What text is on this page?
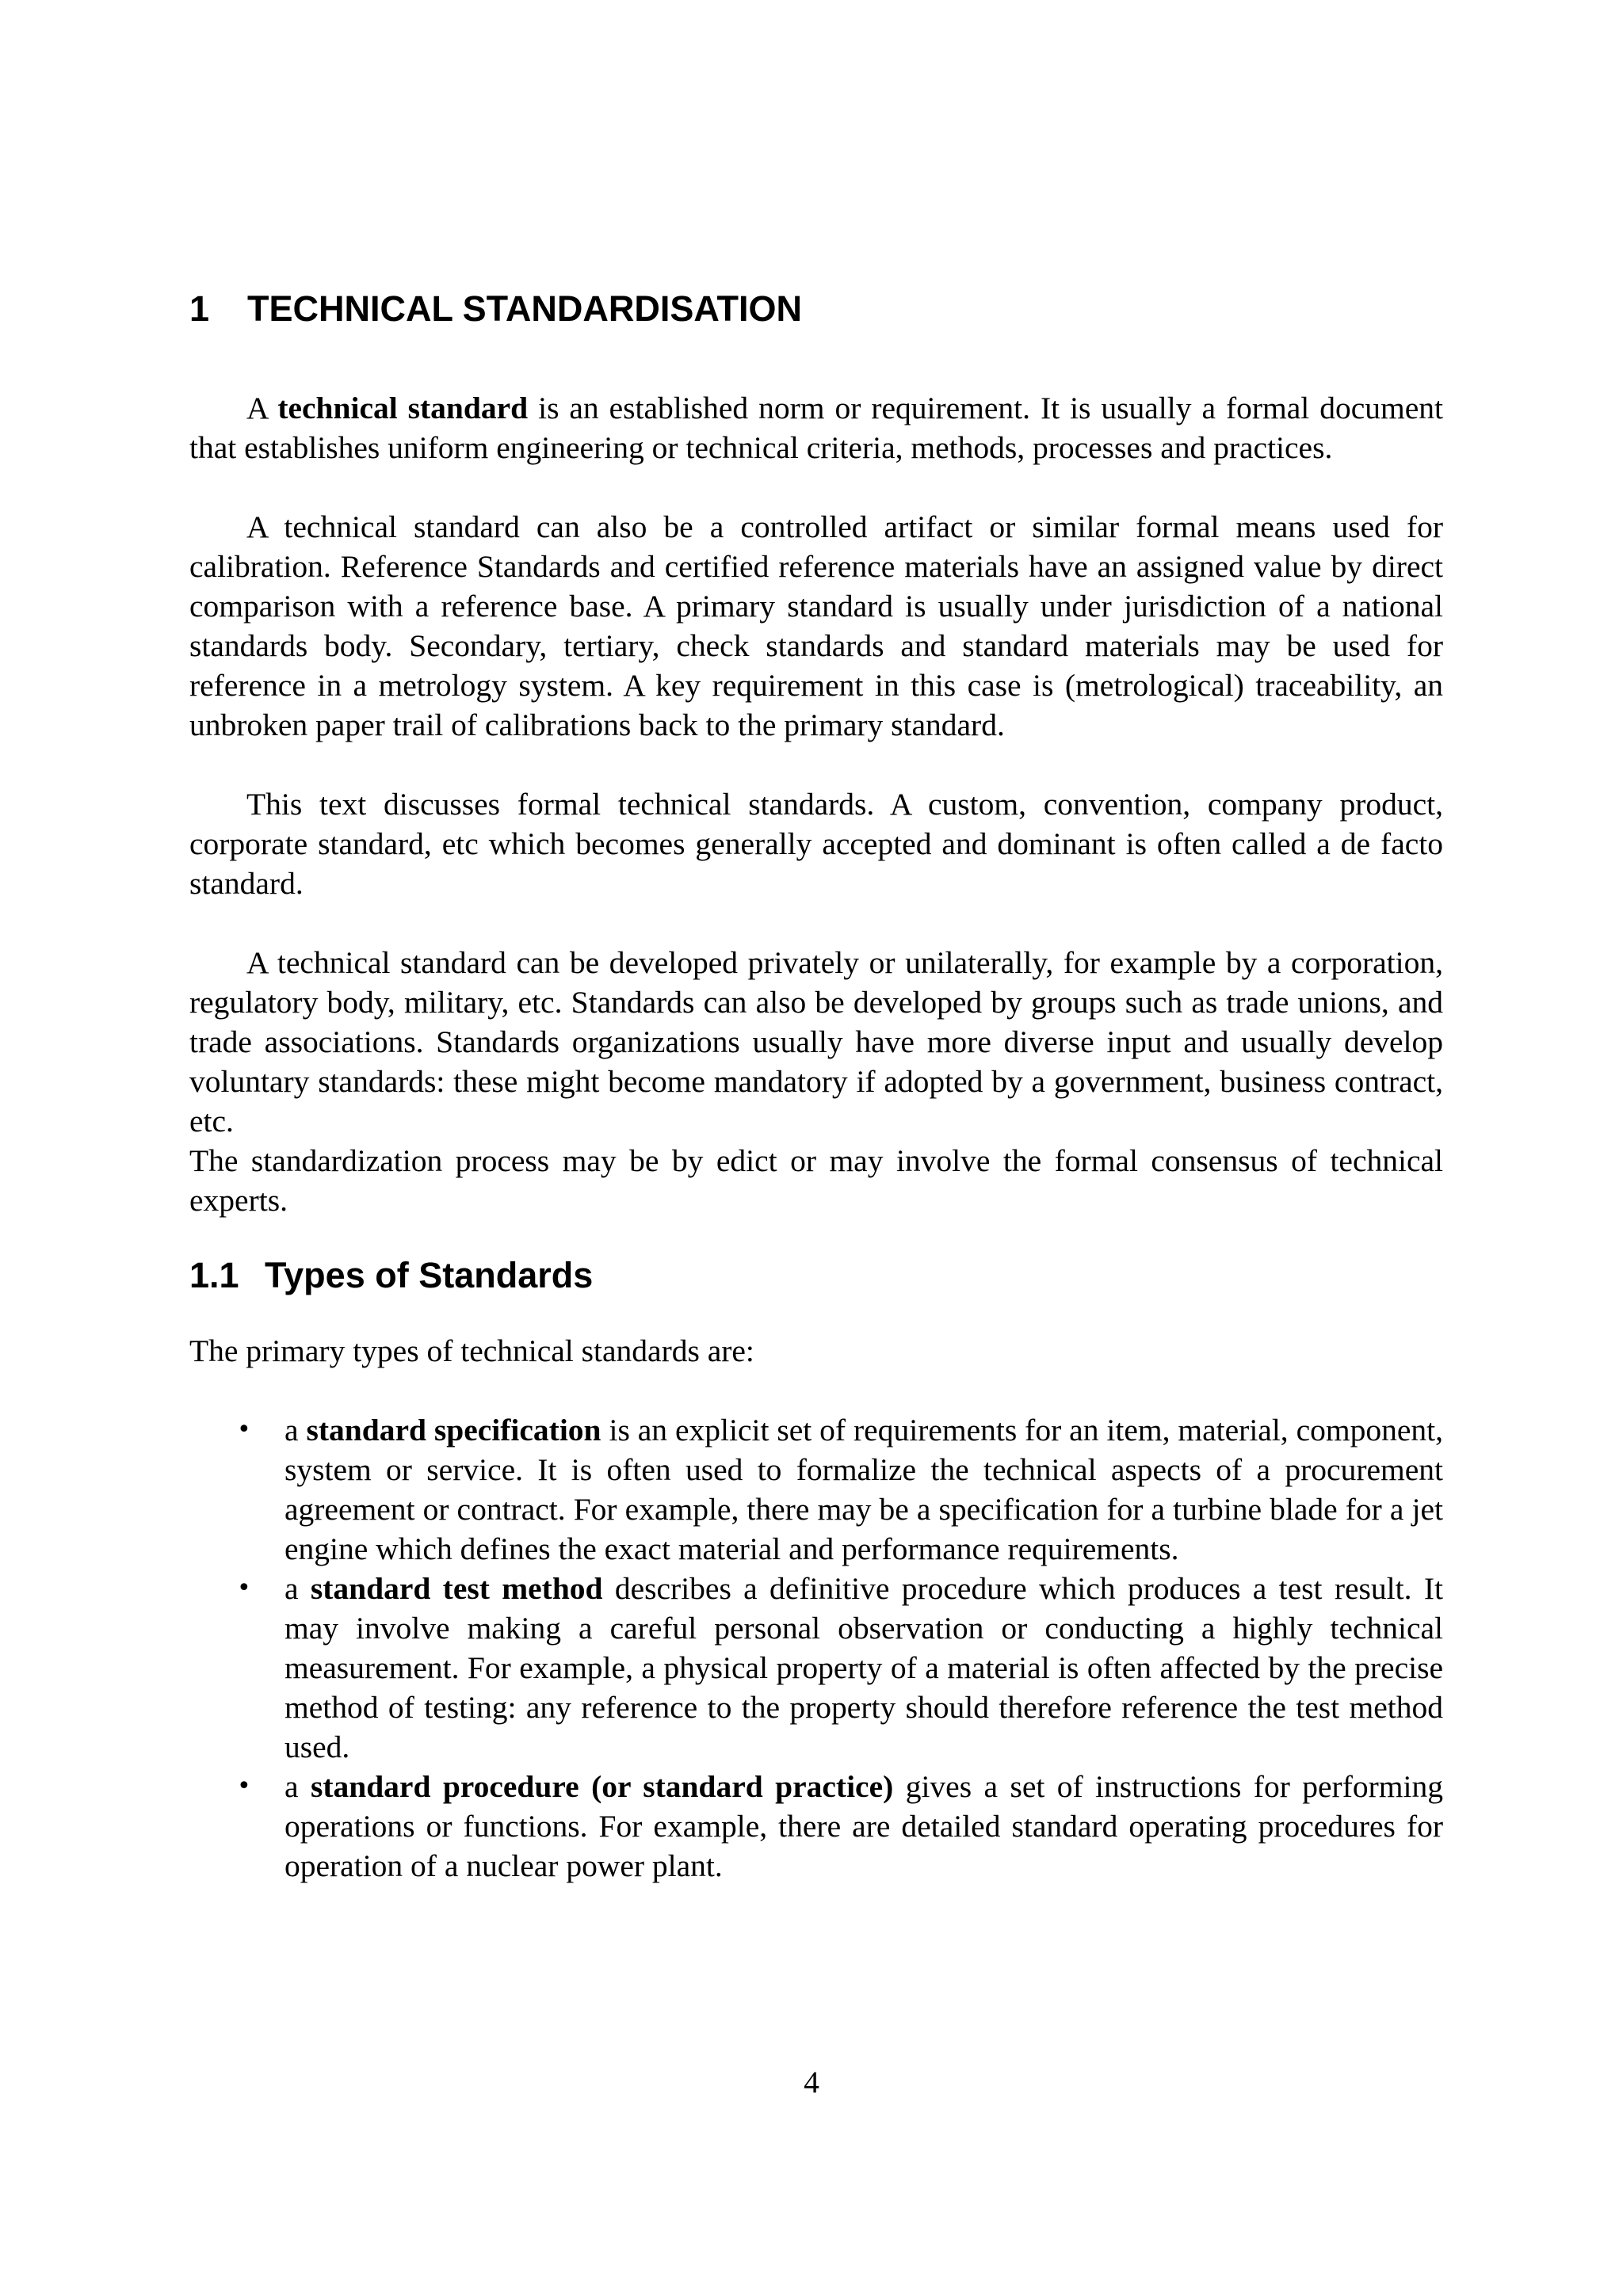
1	TECHNICAL STANDARDISATION

A technical standard is an established norm or requirement. It is usually a formal document that establishes uniform engineering or technical criteria, methods, processes and practices.

A technical standard can also be a controlled artifact or similar formal means used for calibration. Reference Standards and certified reference materials have an assigned value by direct comparison with a reference base. A primary standard is usually under jurisdiction of a national standards body. Secondary, tertiary, check standards and standard materials may be used for reference in a metrology system. A key requirement in this case is (metrological) traceability, an unbroken paper trail of calibrations back to the primary standard.

This text discusses formal technical standards. A custom, convention, company product, corporate standard, etc which becomes generally accepted and dominant is often called a de facto standard.

A technical standard can be developed privately or unilaterally, for example by a corporation, regulatory body, military, etc. Standards can also be developed by groups such as trade unions, and trade associations. Standards organizations usually have more diverse input and usually develop voluntary standards: these might become mandatory if adopted by a government, business contract, etc.

The standardization process may be by edict or may involve the formal consensus of technical experts.

1.1 Types of Standards

The primary types of technical standards are:

• a standard specification is an explicit set of requirements for an item, material, component, system or service. It is often used to formalize the technical aspects of a procurement agreement or contract. For example, there may be a specification for a turbine blade for a jet engine which defines the exact material and performance requirements.
• a standard test method describes a definitive procedure which produces a test result. It may involve making a careful personal observation or conducting a highly technical measurement. For example, a physical property of a material is often affected by the precise method of testing: any reference to the property should therefore reference the test method used.
• a standard procedure (or standard practice) gives a set of instructions for performing operations or functions. For example, there are detailed standard operating procedures for operation of a nuclear power plant.
4
